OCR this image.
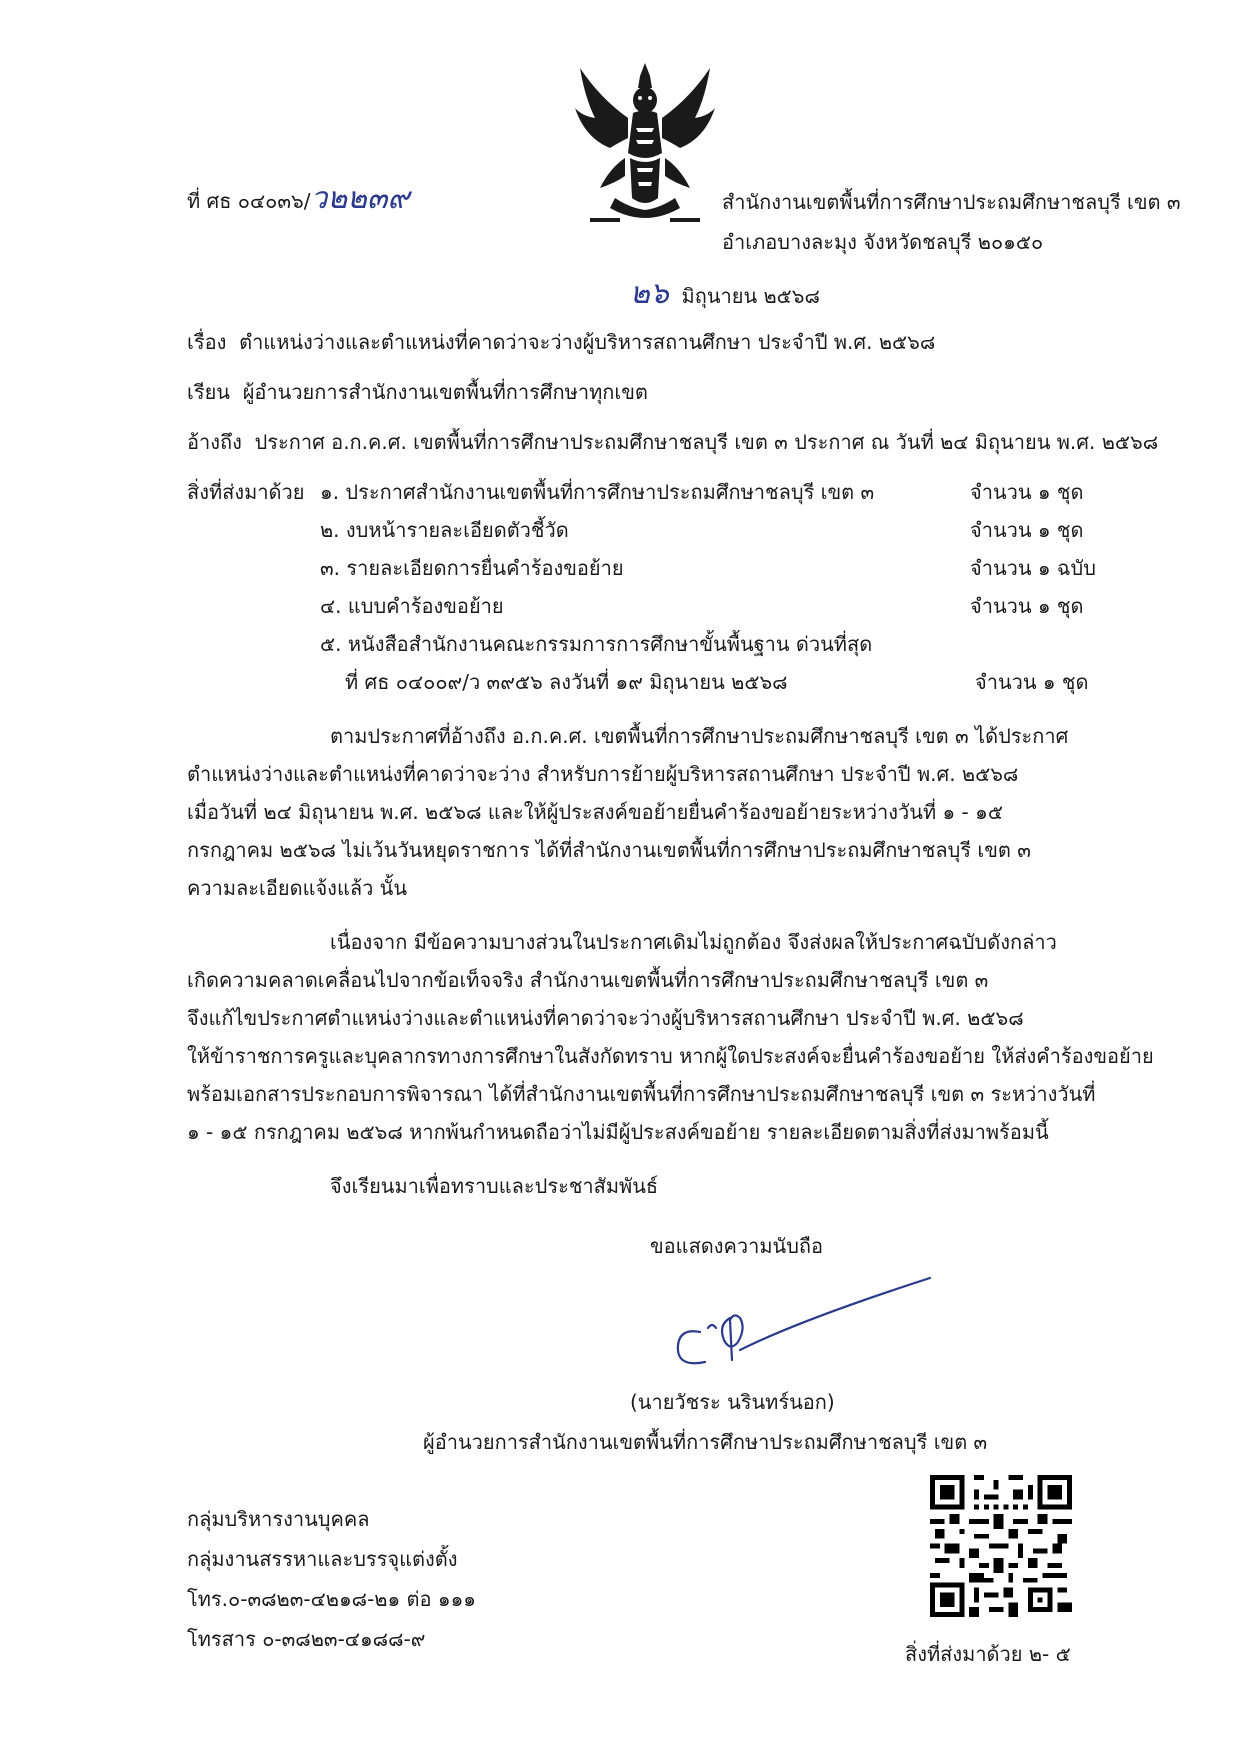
ที่ ศธ ๐๔๐๓๖/ว๒๒๓๙	สำนักงานเขตพื้นที่การศึกษาประถมศึกษาชลบุรี เขต ๓
อำเภอบางละมุง จังหวัดชลบุรี ๒๐๑๕๐
๒๖ มิถุนายน ๒๕๖๘
เรื่อง ตำแหน่งว่างและตำแหน่งที่คาดว่าจะว่างผู้บริหารสถานศึกษา ประจำปี พ.ศ. ๒๕๖๘
เรียน ผู้อำนวยการสำนักงานเขตพื้นที่การศึกษาทุกเขต
อ้างถึง ประกาศ อ.ก.ค.ศ. เขตพื้นที่การศึกษาประถมศึกษาชลบุรี เขต ๓ ประกาศ ณ วันที่ ๒๔ มิถุนายน พ.ศ. ๒๕๖๘
สิ่งที่ส่งมาด้วย ๑. ประกาศสำนักงานเขตพื้นที่การศึกษาประถมศึกษาชลบุรี เขต ๓	จำนวน ๑ ชุด
๒. งบหน้ารายละเอียดตัวชี้วัด	จำนวน ๑ ชุด
๓. รายละเอียดการยื่นคำร้องขอย้าย	จำนวน ๑ ฉบับ
๔. แบบคำร้องขอย้าย	จำนวน ๑ ชุด
๕. หนังสือสำนักงานคณะกรรมการการศึกษาขั้นพื้นฐาน ด่วนที่สุด
ที่ ศธ ๐๔๐๐๙/ว ๓๙๕๖ ลงวันที่ ๑๙ มิถุนายน ๒๕๖๘	จำนวน ๑ ชุด
ตามประกาศที่อ้างถึง อ.ก.ค.ศ. เขตพื้นที่การศึกษาประถมศึกษาชลบุรี เขต ๓ ได้ประกาศ
ตำแหน่งว่างและตำแหน่งที่คาดว่าจะว่าง สำหรับการย้ายผู้บริหารสถานศึกษา ประจำปี พ.ศ. ๒๕๖๘
เมื่อวันที่ ๒๔ มิถุนายน พ.ศ. ๒๕๖๘ และให้ผู้ประสงค์ขอย้ายยื่นคำร้องขอย้ายระหว่างวันที่ ๑ - ๑๕
กรกฎาคม ๒๕๖๘ ไม่เว้นวันหยุดราชการ ได้ที่สำนักงานเขตพื้นที่การศึกษาประถมศึกษาชลบุรี เขต ๓
ความละเอียดแจ้งแล้ว นั้น
เนื่องจาก มีข้อความบางส่วนในประกาศเดิมไม่ถูกต้อง จึงส่งผลให้ประกาศฉบับดังกล่าว
เกิดความคลาดเคลื่อนไปจากข้อเท็จจริง สำนักงานเขตพื้นที่การศึกษาประถมศึกษาชลบุรี เขต ๓
จึงแก้ไขประกาศตำแหน่งว่างและตำแหน่งที่คาดว่าจะว่างผู้บริหารสถานศึกษา ประจำปี พ.ศ. ๒๕๖๘
ให้ข้าราชการครูและบุคลากรทางการศึกษาในสังกัดทราบ หากผู้ใดประสงค์จะยื่นคำร้องขอย้าย ให้ส่งคำร้องขอย้าย
พร้อมเอกสารประกอบการพิจารณา ได้ที่สำนักงานเขตพื้นที่การศึกษาประถมศึกษาชลบุรี เขต ๓ ระหว่างวันที่
๑ - ๑๕ กรกฎาคม ๒๕๖๘ หากพ้นกำหนดถือว่าไม่มีผู้ประสงค์ขอย้าย รายละเอียดตามสิ่งที่ส่งมาพร้อมนี้
จึงเรียนมาเพื่อทราบและประชาสัมพันธ์
ขอแสดงความนับถือ
(นายวัชระ นรินทร์นอก)
ผู้อำนวยการสำนักงานเขตพื้นที่การศึกษาประถมศึกษาชลบุรี เขต ๓
กลุ่มบริหารงานบุคคล
กลุ่มงานสรรหาและบรรจุแต่งตั้ง
โทร.๐-๓๘๒๓-๔๒๑๘-๒๑ ต่อ ๑๑๑
โทรสาร ๐-๓๘๒๓-๔๑๘๘-๙
สิ่งที่ส่งมาด้วย ๒- ๕
